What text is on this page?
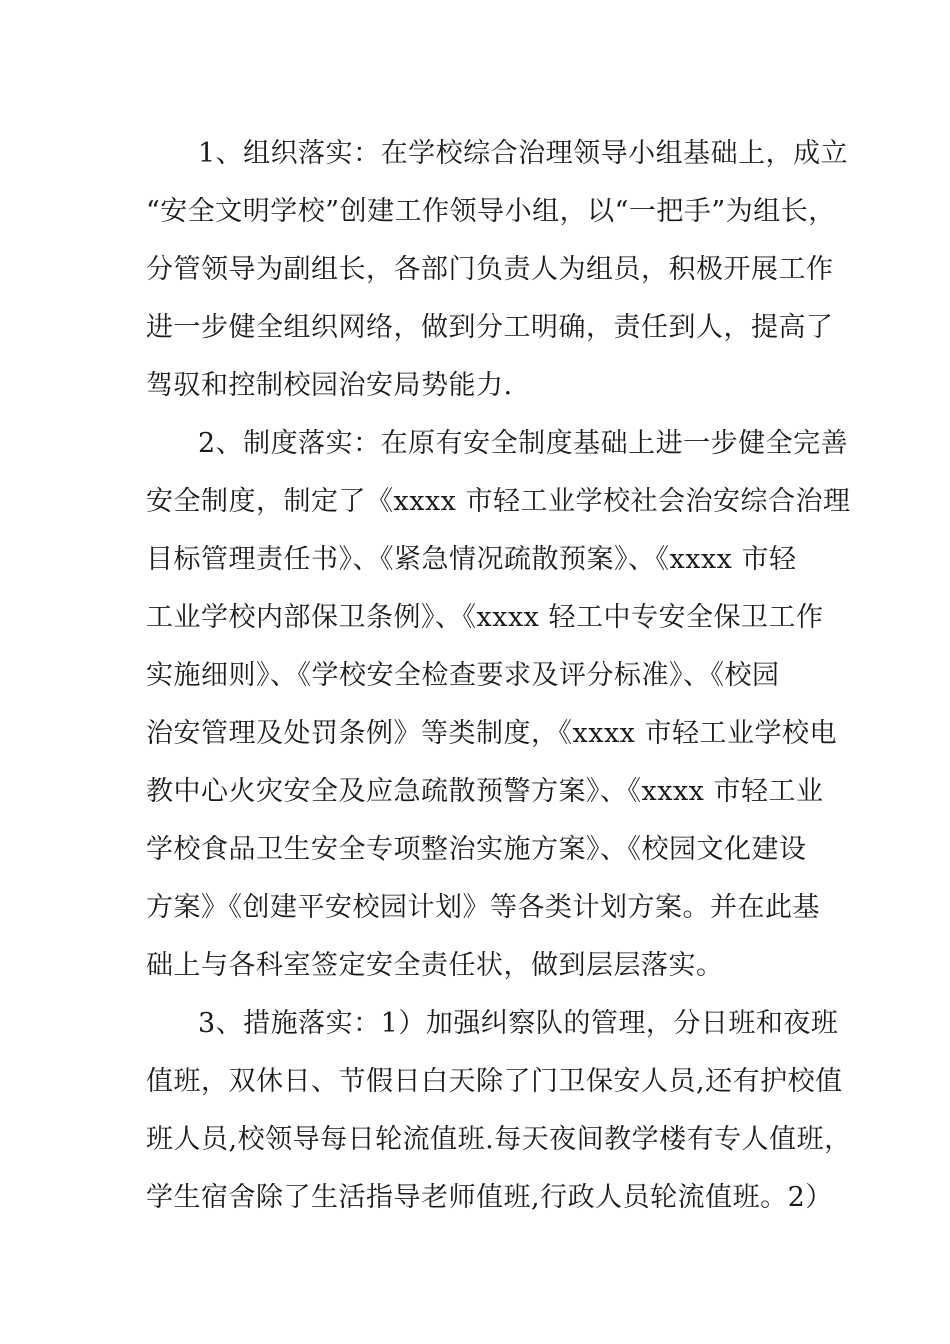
1、组织落实：在学校综合治理领导小组基础上，成立
“安全文明学校”创建工作领导小组，以“一把手”为组长，
分管领导为副组长，各部门负责人为组员，积极开展工作
进一步健全组织网络，做到分工明确，责任到人，提高了
驾驭和控制校园治安局势能力.
2、制度落实：在原有安全制度基础上进一步健全完善
安全制度，制定了《xxxx 市轻工业学校社会治安综合治理
目标管理责任书》、《紧急情况疏散预案》、《xxxx 市轻
工业学校内部保卫条例》、《xxxx 轻工中专安全保卫工作
实施细则》、《学校安全检查要求及评分标准》、《校园
治安管理及处罚条例》等类制度，《xxxx 市轻工业学校电
教中心火灾安全及应急疏散预警方案》、《xxxx 市轻工业
学校食品卫生安全专项整治实施方案》、《校园文化建设
方案》《创建平安校园计划》等各类计划方案。并在此基
础上与各科室签定安全责任状，做到层层落实。
3、措施落实：1）加强纠察队的管理，分日班和夜班
值班，双休日、节假日白天除了门卫保安人员,还有护校值
班人员,校领导每日轮流值班.每天夜间教学楼有专人值班，
学生宿舍除了生活指导老师值班,行政人员轮流值班。2）
